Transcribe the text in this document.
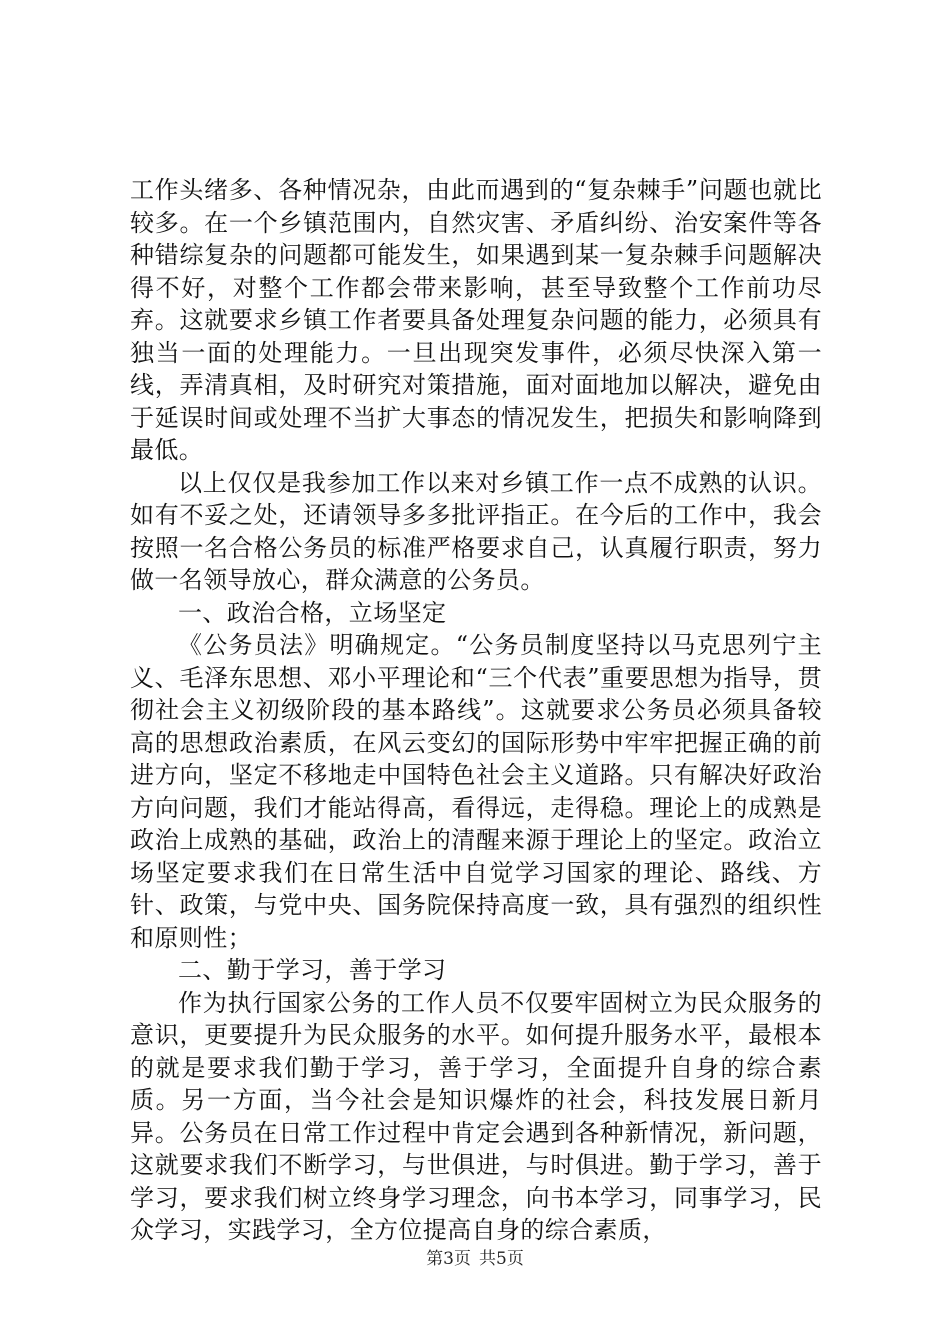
工作头绪多、各种情况杂，由此而遇到的“复杂棘手”问题也就比较多。在一个乡镇范围内，自然灾害、矛盾纠纷、治安案件等各种错综复杂的问题都可能发生，如果遇到某一复杂棘手问题解决得不好，对整个工作都会带来影响，甚至导致整个工作前功尽弃。这就要求乡镇工作者要具备处理复杂问题的能力，必须具有独当一面的处理能力。一旦出现突发事件，必须尽快深入第一线，弄清真相，及时研究对策措施，面对面地加以解决，避免由于延误时间或处理不当扩大事态的情况发生，把损失和影响降到最低。

以上仅仅是我参加工作以来对乡镇工作一点不成熟的认识。如有不妥之处，还请领导多多批评指正。在今后的工作中，我会按照一名合格公务员的标准严格要求自己，认真履行职责，努力做一名领导放心，群众满意的公务员。

一、政治合格，立场坚定

《公务员法》明确规定。“公务员制度坚持以马克思列宁主义、毛泽东思想、邓小平理论和“三个代表”重要思想为指导，贯彻社会主义初级阶段的基本路线”。这就要求公务员必须具备较高的思想政治素质，在风云变幻的国际形势中牢牢把握正确的前进方向，坚定不移地走中国特色社会主义道路。只有解决好政治方向问题，我们才能站得高，看得远，走得稳。理论上的成熟是政治上成熟的基础，政治上的清醒来源于理论上的坚定。政治立场坚定要求我们在日常生活中自觉学习国家的理论、路线、方针、政策，与党中央、国务院保持高度一致，具有强烈的组织性和原则性；

二、勤于学习，善于学习

作为执行国家公务的工作人员不仅要牢固树立为民众服务的意识，更要提升为民众服务的水平。如何提升服务水平，最根本的就是要求我们勤于学习，善于学习，全面提升自身的综合素质。另一方面，当今社会是知识爆炸的社会，科技发展日新月异。公务员在日常工作过程中肯定会遇到各种新情况，新问题，这就要求我们不断学习，与世俱进，与时俱进。勤于学习，善于学习，要求我们树立终身学习理念，向书本学习，同事学习，民众学习，实践学习，全方位提高自身的综合素质，

第3页 共5页
